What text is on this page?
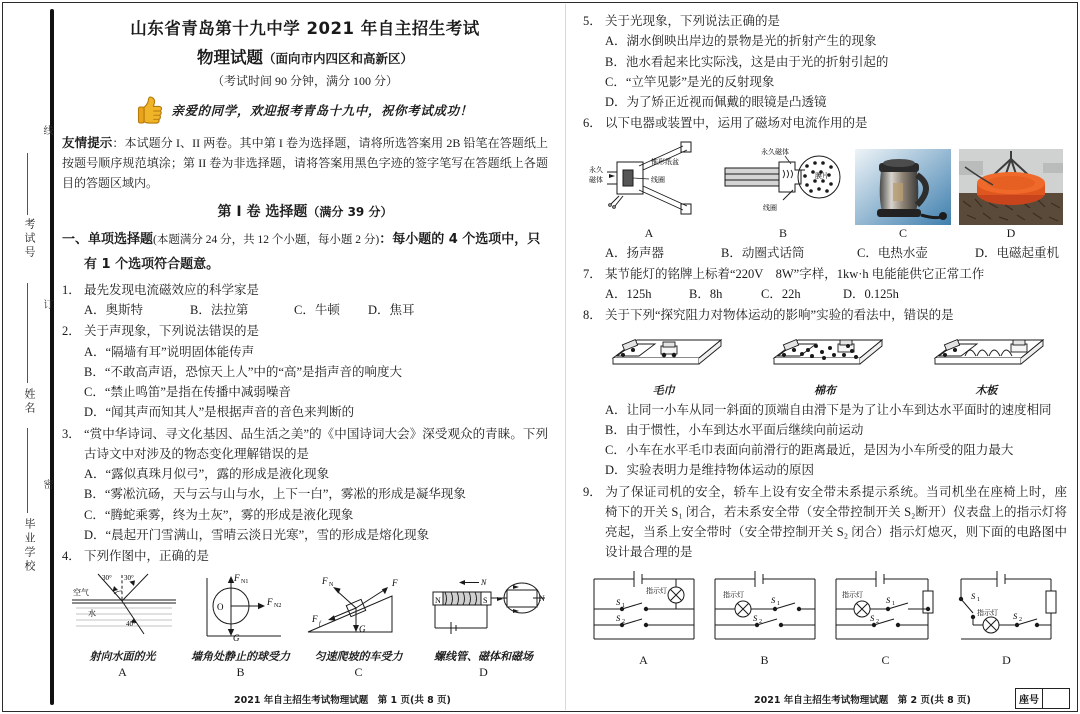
考试号
姓名
毕业学校
线
订
密
山东省青岛第十九中学 2021 年自主招生考试
物理试题（面向市内四区和高新区）
（考试时间 90 分钟，满分 100 分）
亲爱的同学，欢迎报考青岛十九中，祝你考试成功！

友情提示：本试题分 I、II 两卷。其中第 I 卷为选择题，请将所选答案用 2B 铅笔在答题纸上按题号顺序规范填涂；第 II 卷为非选择题，请将答案用黑色字迹的签字笔写在答题纸上各题目的答题区域内。

第 I 卷 选择题（满分 39 分）
一、单项选择题(本题满分 24 分，共 12 个小题，每小题 2 分)：每小题的 4 个选项中，只
有 1 个选项符合题意。
1． 最先发现电流磁效应的科学家是
A．奥斯特	B．法拉第	C．牛顿	D．焦耳
2． 关于声现象，下列说法错误的是
A．“隔墙有耳”说明固体能传声
B．“不敢高声语，恐惊天上人”中的“高”是指声音的响度大
C．“禁止鸣笛”是指在传播中减弱噪音
D．“闻其声而知其人”是根据声音的音色来判断的
3． “赏中华诗词、寻文化基因、品生活之美”的《中国诗词大会》深受观众的青睐。下列古诗文中对涉及的物态变化理解错误的是
A．“露似真珠月似弓”，露的形成是液化现象
B．“雾凇沆砀，天与云与山与水，上下一白”，雾凇的形成是凝华现象
C．“腾蛇乘雾，终为土灰”，雾的形成是液化现象
D．“晨起开门雪满山，雪晴云淡日光寒”，雪的形成是熔化现象
4． 下列作图中，正确的是
30° 30°
40°
空气
水
射向水面的光
A
F N1
F N2
G
O
墙角处静止的球受力
B
F N	F
F f	G
匀速爬坡的车受力
C
N	S	N
N
螺线管、磁体和磁场
D
5． 关于光现象，下列说法正确的是
A．湖水倒映出岸边的景物是光的折射产生的现象
B．池水看起来比实际浅，这是由于光的折射引起的
C．“立竿见影”是光的反射现象
D．为了矫正近视而佩戴的眼镜是凸透镜
6． 以下电器或装置中，运用了磁场对电流作用的是
永久
磁体
锥形纸盆
线圈
A
永久磁体
膜片
线圈
B	C	D
A．扬声器	B．动圈式话筒	C．电热水壶	D．电磁起重机
7． 某节能灯的铭牌上标着“220V　8W”字样，1kw·h 电能能供它正常工作
A．125h	B．8h	C．22h	D．0.125h
8． 关于下列“探究阻力对物体运动的影响”实验的看法中，错误的是
毛巾	棉布	木板
A．让同一小车从同一斜面的顶端自由滑下是为了让小车到达水平面时的速度相同
B．由于惯性，小车到达水平面后继续向前运动
C．小车在水平毛巾表面向前滑行的距离最近，是因为小车所受的阻力最大
D．实验表明力是维持物体运动的原因
9． 为了保证司机的安全，轿车上设有安全带未系提示系统。当司机坐在座椅上时，座椅下的开关 S₁ 闭合，若未系安全带（安全带控制开关 S₂断开）仪表盘上的指示灯将亮起，当系上安全带时（安全带控制开关 S₂ 闭合）指示灯熄灭，则下面的电路图中设计最合理的是
指示灯
S 1
S 2
A
指示灯	S 1
S 2
B
指示灯	S 1
S 2
C
S 1
指示灯 S 2
D
2021 年自主招生考试物理试题　第 1 页(共 8 页)	2021 年自主招生考试物理试题　第 2 页(共 8 页)	座号
